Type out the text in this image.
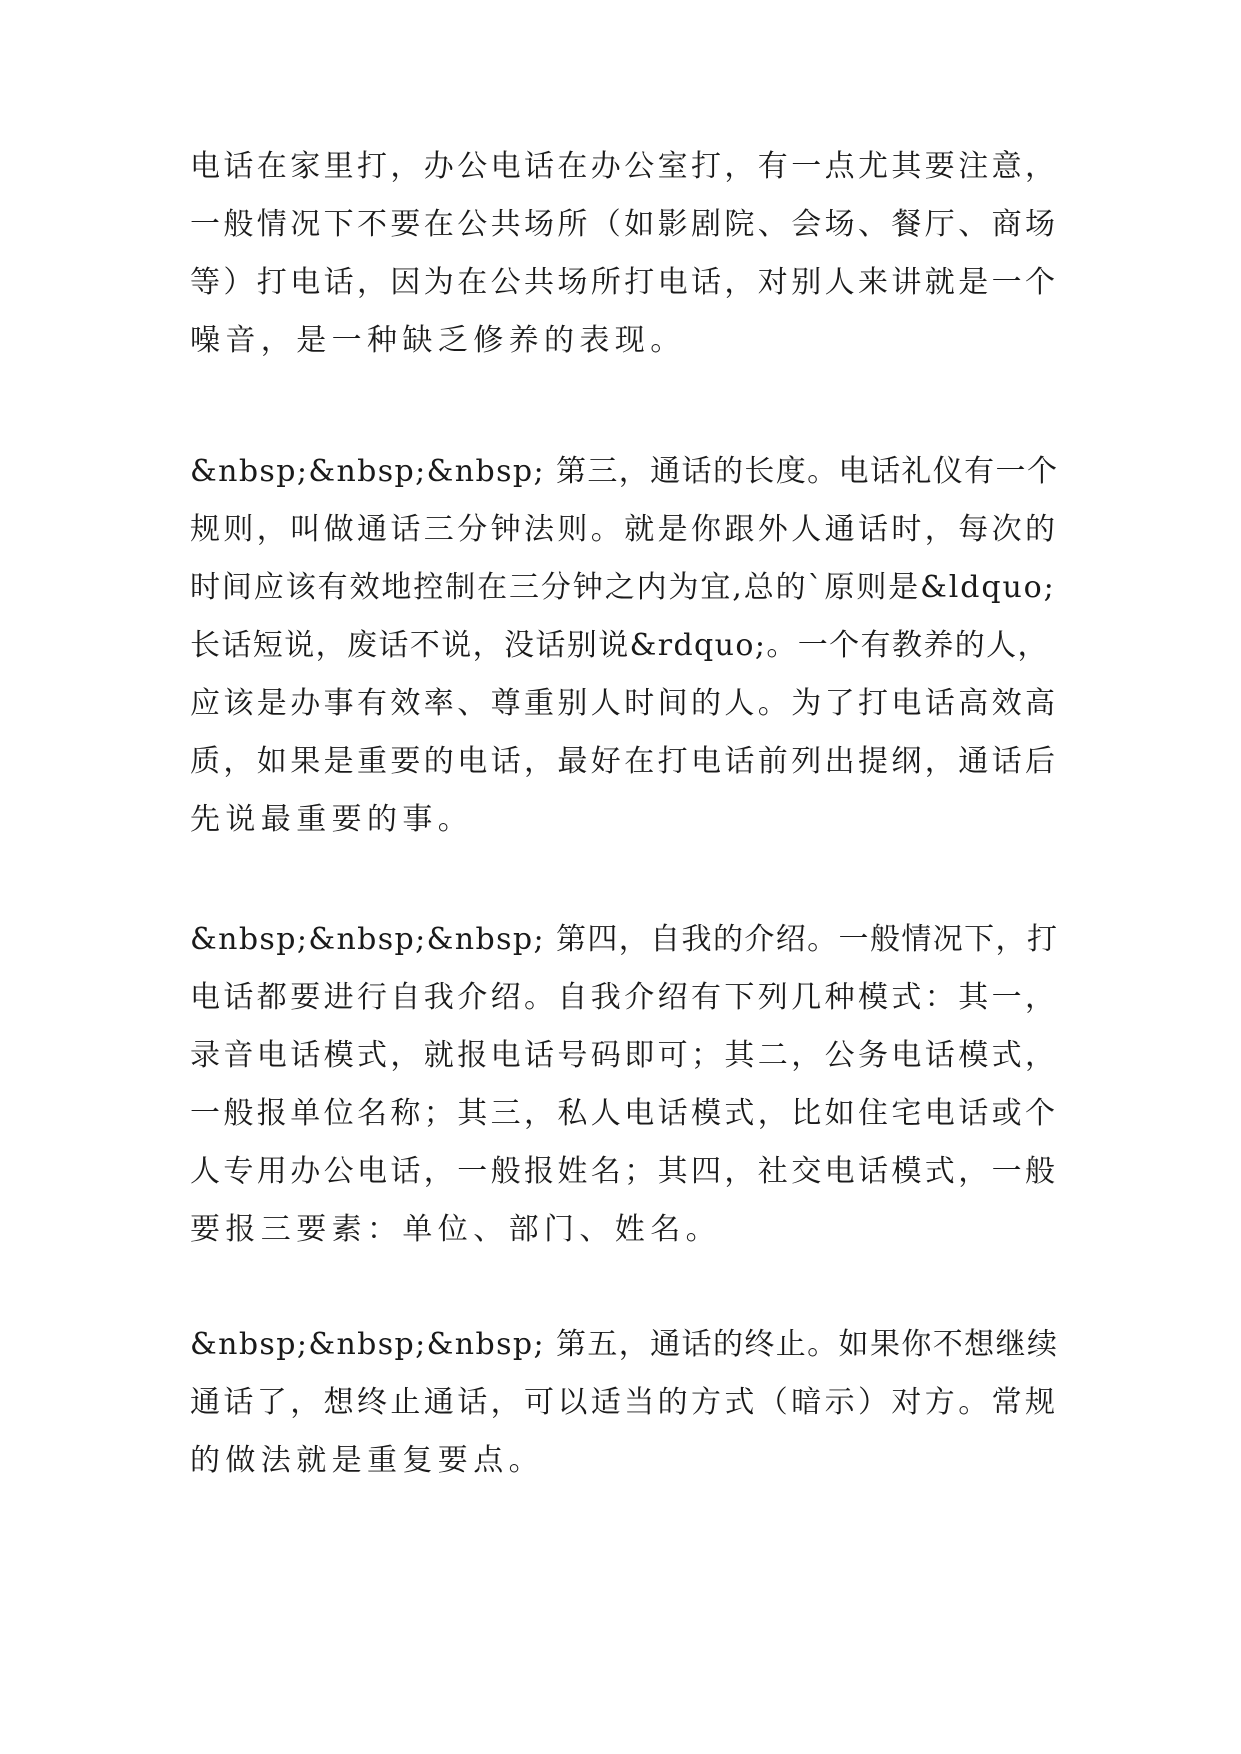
电话在家里打，办公电话在办公室打，有一点尤其要注意，
一般情况下不要在公共场所（如影剧院、会场、餐厅、商场
等）打电话，因为在公共场所打电话，对别人来讲就是一个
噪音，是一种缺乏修养的表现。
&nbsp;&nbsp;&nbsp; 第三，通话的长度。电话礼仪有一个
规则，叫做通话三分钟法则。就是你跟外人通话时，每次的
时间应该有效地控制在三分钟之内为宜,总的`原则是&ldquo;
长话短说，废话不说，没话别说&rdquo;。一个有教养的人，
应该是办事有效率、尊重别人时间的人。为了打电话高效高
质，如果是重要的电话，最好在打电话前列出提纲，通话后
先说最重要的事。
&nbsp;&nbsp;&nbsp; 第四，自我的介绍。一般情况下，打
电话都要进行自我介绍。自我介绍有下列几种模式：其一，
录音电话模式，就报电话号码即可；其二，公务电话模式，
一般报单位名称；其三，私人电话模式，比如住宅电话或个
人专用办公电话，一般报姓名；其四，社交电话模式，一般
要报三要素：单位、部门、姓名。
&nbsp;&nbsp;&nbsp; 第五，通话的终止。如果你不想继续
通话了，想终止通话，可以适当的方式（暗示）对方。常规
的做法就是重复要点。
